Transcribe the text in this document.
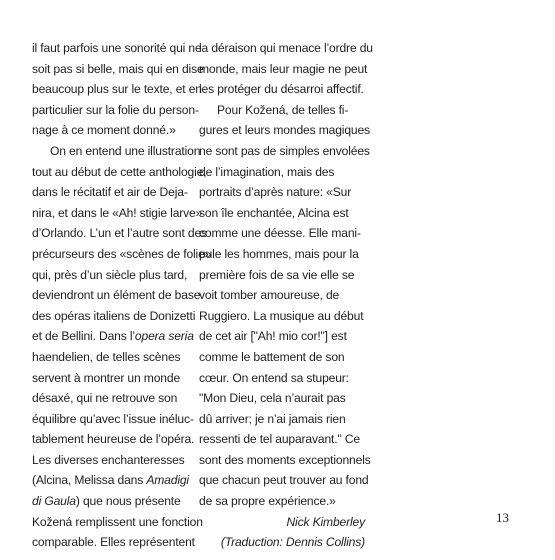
il faut parfois une sonorité qui ne
soit pas si belle, mais qui en dise
beaucoup plus sur le texte, et en
particulier sur la folie du person-
nage à ce moment donné.»
On en entend une illustration
tout au début de cette anthologie,
dans le récitatif et air de Deja-
nira, et dans le «Ah! stigie larve»
d’Orlando. L’un et l’autre sont des
précurseurs des «scènes de folie»
qui, près d’un siècle plus tard,
deviendront un élément de base
des opéras italiens de Donizetti
et de Bellini. Dans l’opera seria
haendelien, de telles scènes
servent à montrer un monde
désaxé, qui ne retrouve son
équilibre qu’avec l’issue inéluc-
tablement heureuse de l’opéra.
Les diverses enchanteresses
(Alcina, Melissa dans Amadigi
di Gaula) que nous présente
Kožená remplissent une fonction
comparable. Elles représentent
la déraison qui menace l’ordre du
monde, mais leur magie ne peut
les protéger du désarroi affectif.
Pour Kožená, de telles fi-
gures et leurs mondes magiques
ne sont pas de simples envolées
de l’imagination, mais des
portraits d’après nature: «Sur
son île enchantée, Alcina est
comme une déesse. Elle mani-
pule les hommes, mais pour la
première fois de sa vie elle se
voit tomber amoureuse, de
Ruggiero. La musique au début
de cet air ["Ah! mio cor!"] est
comme le battement de son
cœur. On entend sa stupeur:
"Mon Dieu, cela n’aurait pas
dû arriver; je n’ai jamais rien
ressenti de tel auparavant." Ce
sont des moments exceptionnels
que chacun peut trouver au fond
de sa propre expérience.»
Nick Kimberley
(Traduction: Dennis Collins)
13
